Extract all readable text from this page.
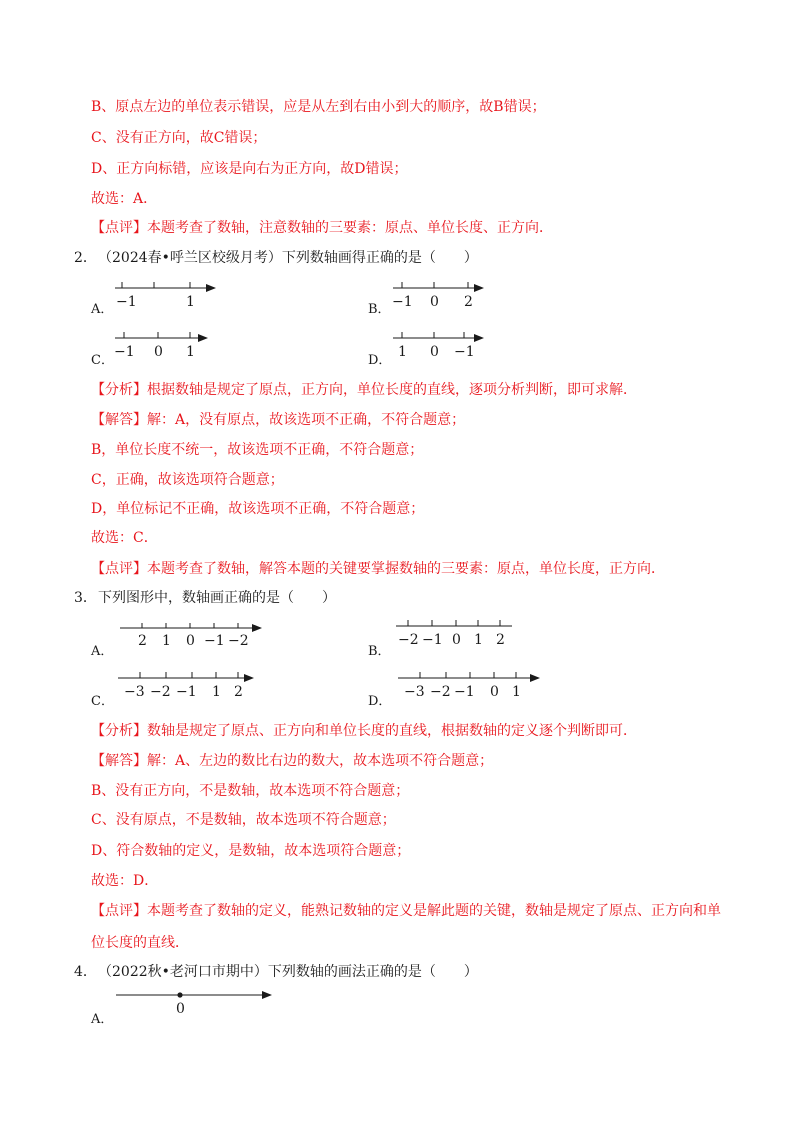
B、原点左边的单位表示错误，应是从左到右由小到大的顺序，故B错误；
C、没有正方向，故C错误；
D、正方向标错，应该是向右为正方向，故D错误；
故选：A．
【点评】本题考查了数轴，注意数轴的三要素：原点、单位长度、正方向．
2． （2024春•呼兰区校级月考）下列数轴画得正确的是（　　）
A． −1	1	B． −1 0 2
C．
−1 0 1
D．
1 0 −1
【分析】根据数轴是规定了原点，正方向，单位长度的直线，逐项分析判断，即可求解．
【解答】解：A，没有原点，故该选项不正确，不符合题意；
B，单位长度不统一，故该选项不正确，不符合题意；
C，正确，故该选项符合题意；
D，单位标记不正确，故该选项不正确，不符合题意；
故选：C．
【点评】本题考查了数轴，解答本题的关键要掌握数轴的三要素：原点，单位长度，正方向．
3． 下列图形中，数轴画正确的是（　　）
A．
2 1 0 −1 −2
B．
−2 −1 0 1 2
C．
−3 −2 −1 1 2
D．
−3 −2 −1 0 1
【分析】数轴是规定了原点、正方向和单位长度的直线，根据数轴的定义逐个判断即可．
【解答】解：A、左边的数比右边的数大，故本选项不符合题意；
B、没有正方向，不是数轴，故本选项不符合题意；
C、没有原点，不是数轴，故本选项不符合题意；
D、符合数轴的定义，是数轴，故本选项符合题意；
故选：D．
【点评】本题考查了数轴的定义，能熟记数轴的定义是解此题的关键，数轴是规定了原点、正方向和单
位长度的直线．
4． （2022秋•老河口市期中）下列数轴的画法正确的是（　　）
A．
0
